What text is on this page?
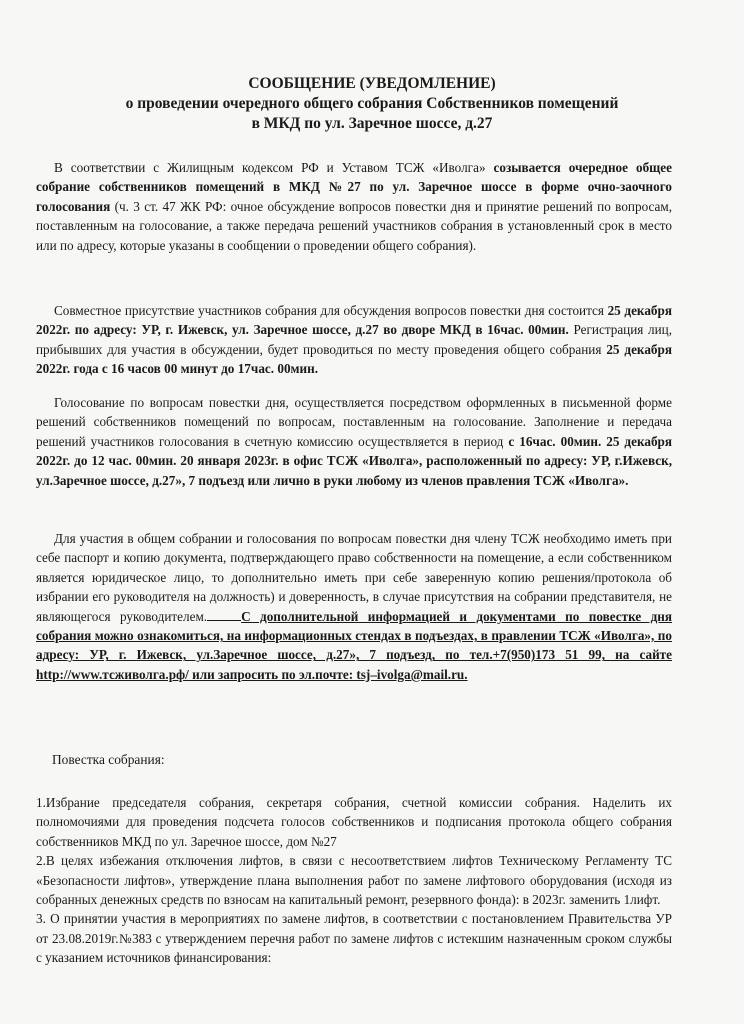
СООБЩЕНИЕ (УВЕДОМЛЕНИЕ)
о проведении очередного общего собрания Собственников помещений
в МКД по ул. Заречное шоссе, д.27
В соответствии с Жилищным кодексом РФ и Уставом ТСЖ «Иволга» созывается очередное общее собрание собственников помещений в МКД №27 по ул. Заречное шоссе в форме очно-заочного голосования (ч. 3 ст. 47 ЖК РФ: очное обсуждение вопросов повестки дня и принятие решений по вопросам, поставленным на голосование, а также передача решений участников собрания в установленный срок в место или по адресу, которые указаны в сообщении о проведении общего собрания).
Совместное присутствие участников собрания для обсуждения вопросов повестки дня состоится 25 декабря 2022г. по адресу: УР, г. Ижевск, ул. Заречное шоссе, д.27 во дворе МКД в 16час. 00мин. Регистрация лиц, прибывших для участия в обсуждении, будет проводиться по месту проведения общего собрания 25 декабря 2022г. года с 16 часов 00 минут до 17час. 00мин.
Голосование по вопросам повестки дня, осуществляется посредством оформленных в письменной форме решений собственников помещений по вопросам, поставленным на голосование. Заполнение и передача решений участников голосования в счетную комиссию осуществляется в период с 16час. 00мин. 25 декабря 2022г. до 12 час. 00мин. 20 января 2023г. в офис ТСЖ «Иволга», расположенный по адресу: УР, г.Ижевск, ул.Заречное шоссе, д.27», 7 подъезд или лично в руки любому из членов правления ТСЖ «Иволга».
Для участия в общем собрании и голосования по вопросам повестки дня члену ТСЖ необходимо иметь при себе паспорт и копию документа, подтверждающего право собственности на помещение, а если собственником является юридическое лицо, то дополнительно иметь при себе заверенную копию решения/протокола об избрании его руководителя на должность) и доверенность, в случае присутствия на собрании представителя, не являющегося руководителем.	С дополнительной информацией и документами по повестке дня собрания можно ознакомиться, на информационных стендах в подъездах, в правлении ТСЖ «Иволга», по адресу: УР, г. Ижевск, ул.Заречное шоссе, д.27», 7 подъезд, по тел.+7(950)173 51 99, на сайте http://www.тсживолга.рф/ или запросить по эл.почте: tsj–ivolga@mail.ru.
Повестка собрания:

1.Избрание председателя собрания, секретаря собрания, счетной комиссии собрания. Наделить их полномочиями для проведения подсчета голосов собственников и подписания протокола общего собрания собственников МКД по ул. Заречное шоссе, дом №27

2.В целях избежания отключения лифтов, в связи с несоответствием лифтов Техническому Регламенту ТС «Безопасности лифтов», утверждение плана выполнения работ по замене лифтового оборудования (исходя из собранных денежных средств по взносам на капитальный ремонт, резервного фонда): в 2023г. заменить 1лифт.

3. О принятии участия в мероприятиях по замене лифтов, в соответствии с постановлением Правительства УР от 23.08.2019г.№383 с утверждением перечня работ по замене лифтов с истекшим назначенным сроком службы с указанием источников финансирования:
